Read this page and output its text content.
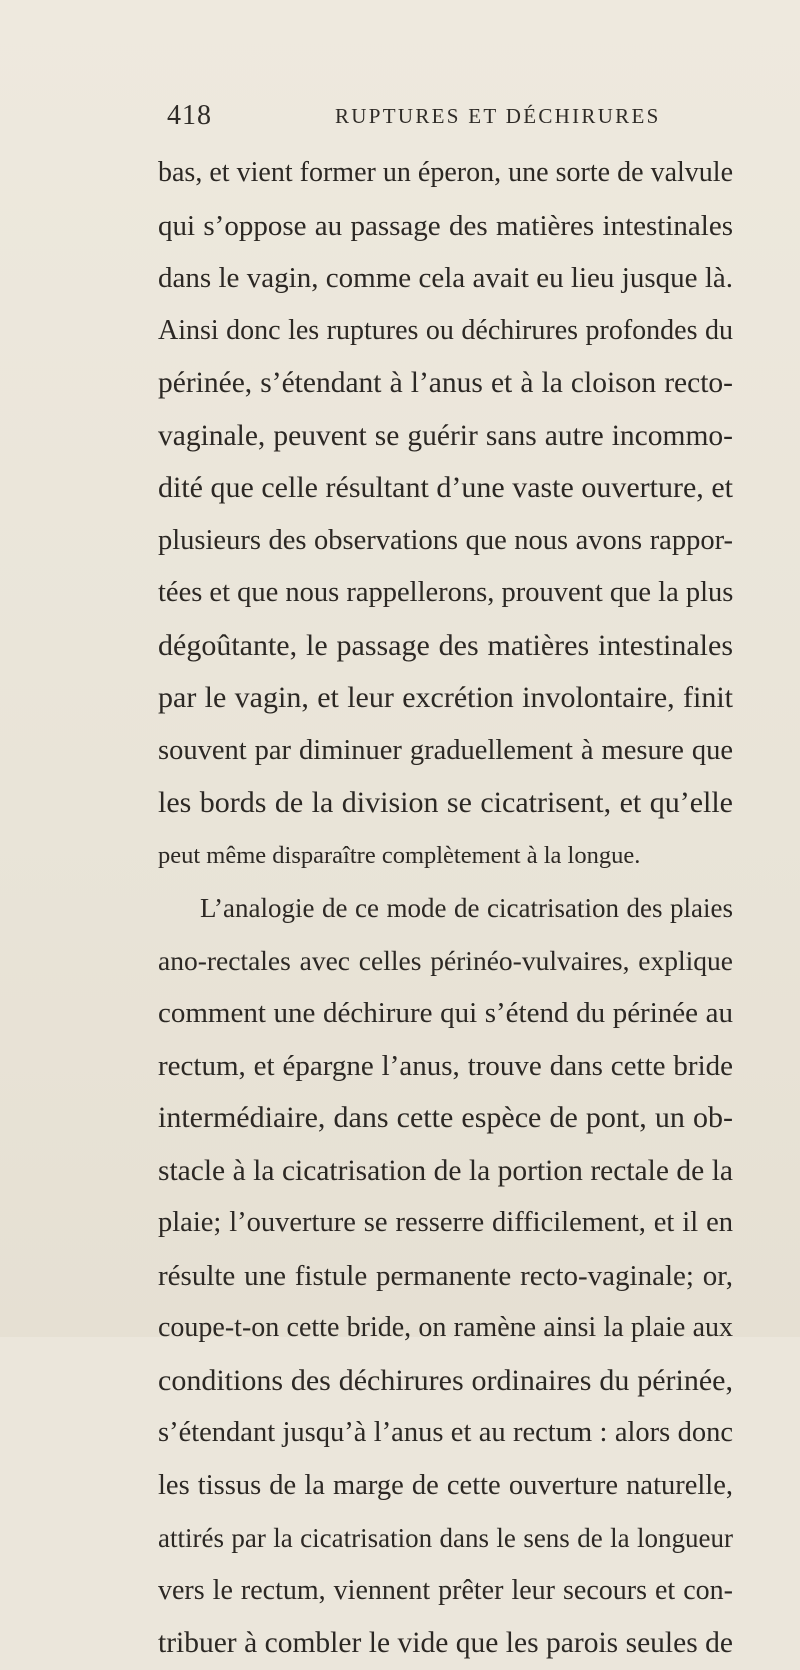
418	RUPTURES ET DÉCHIRURES
bas, et vient former un éperon, une sorte de valvule
qui s’oppose au passage des matières intestinales
dans le vagin, comme cela avait eu lieu jusque là.
Ainsi donc les ruptures ou déchirures profondes du
périnée, s’étendant à l’anus et à la cloison recto-
vaginale, peuvent se guérir sans autre incommo-
dité que celle résultant d’une vaste ouverture, et
plusieurs des observations que nous avons rappor-
tées et que nous rappellerons, prouvent que la plus
dégoûtante, le passage des matières intestinales
par le vagin, et leur excrétion involontaire, finit
souvent par diminuer graduellement à mesure que
les bords de la division se cicatrisent, et qu’elle
peut même disparaître complètement à la longue.
L’analogie de ce mode de cicatrisation des plaies
ano-rectales avec celles périnéo-vulvaires, explique
comment une déchirure qui s’étend du périnée au
rectum, et épargne l’anus, trouve dans cette bride
intermédiaire, dans cette espèce de pont, un ob-
stacle à la cicatrisation de la portion rectale de la
plaie; l’ouverture se resserre difficilement, et il en
résulte une fistule permanente recto-vaginale; or,
coupe-t-on cette bride, on ramène ainsi la plaie aux
conditions des déchirures ordinaires du périnée,
s’étendant jusqu’à l’anus et au rectum : alors donc
les tissus de la marge de cette ouverture naturelle,
attirés par la cicatrisation dans le sens de la longueur
vers le rectum, viennent prêter leur secours et con-
tribuer à combler le vide que les parois seules de
